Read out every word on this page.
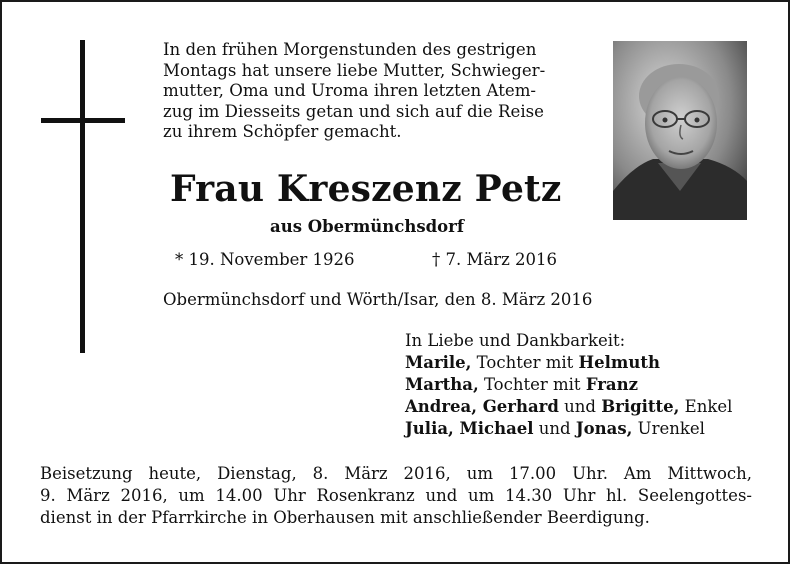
In den frühen Morgenstunden des gestrigen
Montags hat unsere liebe Mutter, Schwieger-
mutter, Oma und Uroma ihren letzten Atem-
zug im Diesseits getan und sich auf die Reise
zu ihrem Schöpfer gemacht.

Frau Kreszenz Petz

aus Obermünchsdorf

* 19. November 1926	† 7. März 2016
Obermünchsdorf und Wörth/Isar, den 8. März 2016
In Liebe und Dankbarkeit:
Marile, Tochter mit Helmuth
Martha, Tochter mit Franz
Andrea, Gerhard und Brigitte, Enkel
Julia, Michael und Jonas, Urenkel
Beisetzung heute, Dienstag, 8. März 2016, um 17.00 Uhr. Am Mittwoch,
9. März 2016, um 14.00 Uhr Rosenkranz und um 14.30 Uhr hl. Seelengottes-
dienst in der Pfarrkirche in Oberhausen mit anschließender Beerdigung.
